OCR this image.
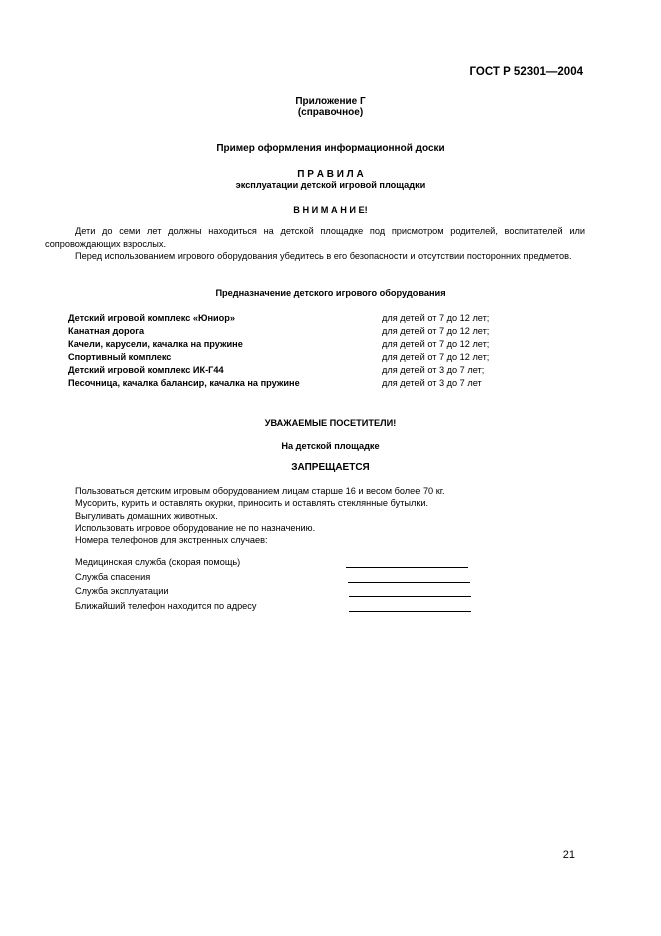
ГОСТ Р 52301—2004
Приложение Г
(справочное)
Пример оформления информационной доски
П Р А В И Л А
эксплуатации детской игровой площадки
В Н И М А Н И Е!
Дети до семи лет должны находиться на детской площадке под присмотром родителей, воспитателей или сопровождающих взрослых.
Перед использованием игрового оборудования убедитесь в его безопасности и отсутствии посторонних предметов.
Предназначение детского игрового оборудования
Детский игровой комплекс «Юниор»	для детей от 7 до 12 лет;
Канатная дорога	для детей от 7 до 12 лет;
Качели, карусели, качалка на пружине	для детей от 7 до 12 лет;
Спортивный комплекс	для детей от 7 до 12 лет;
Детский игровой комплекс ИК-Г44	для детей от 3 до 7 лет;
Песочница, качалка балансир, качалка на пружине	для детей от 3 до 7 лет
УВАЖАЕМЫЕ ПОСЕТИТЕЛИ!
На детской площадке
ЗАПРЕЩАЕТСЯ
Пользоваться детским игровым оборудованием лицам старше 16 и весом более 70 кг.
Мусорить, курить и оставлять окурки, приносить и оставлять стеклянные бутылки.
Выгуливать домашних животных.
Использовать игровое оборудование не по назначению.
Номера телефонов для экстренных случаев:
Медицинская служба (скорая помощь)
Служба спасения
Служба эксплуатации
Ближайший телефон находится по адресу
21
